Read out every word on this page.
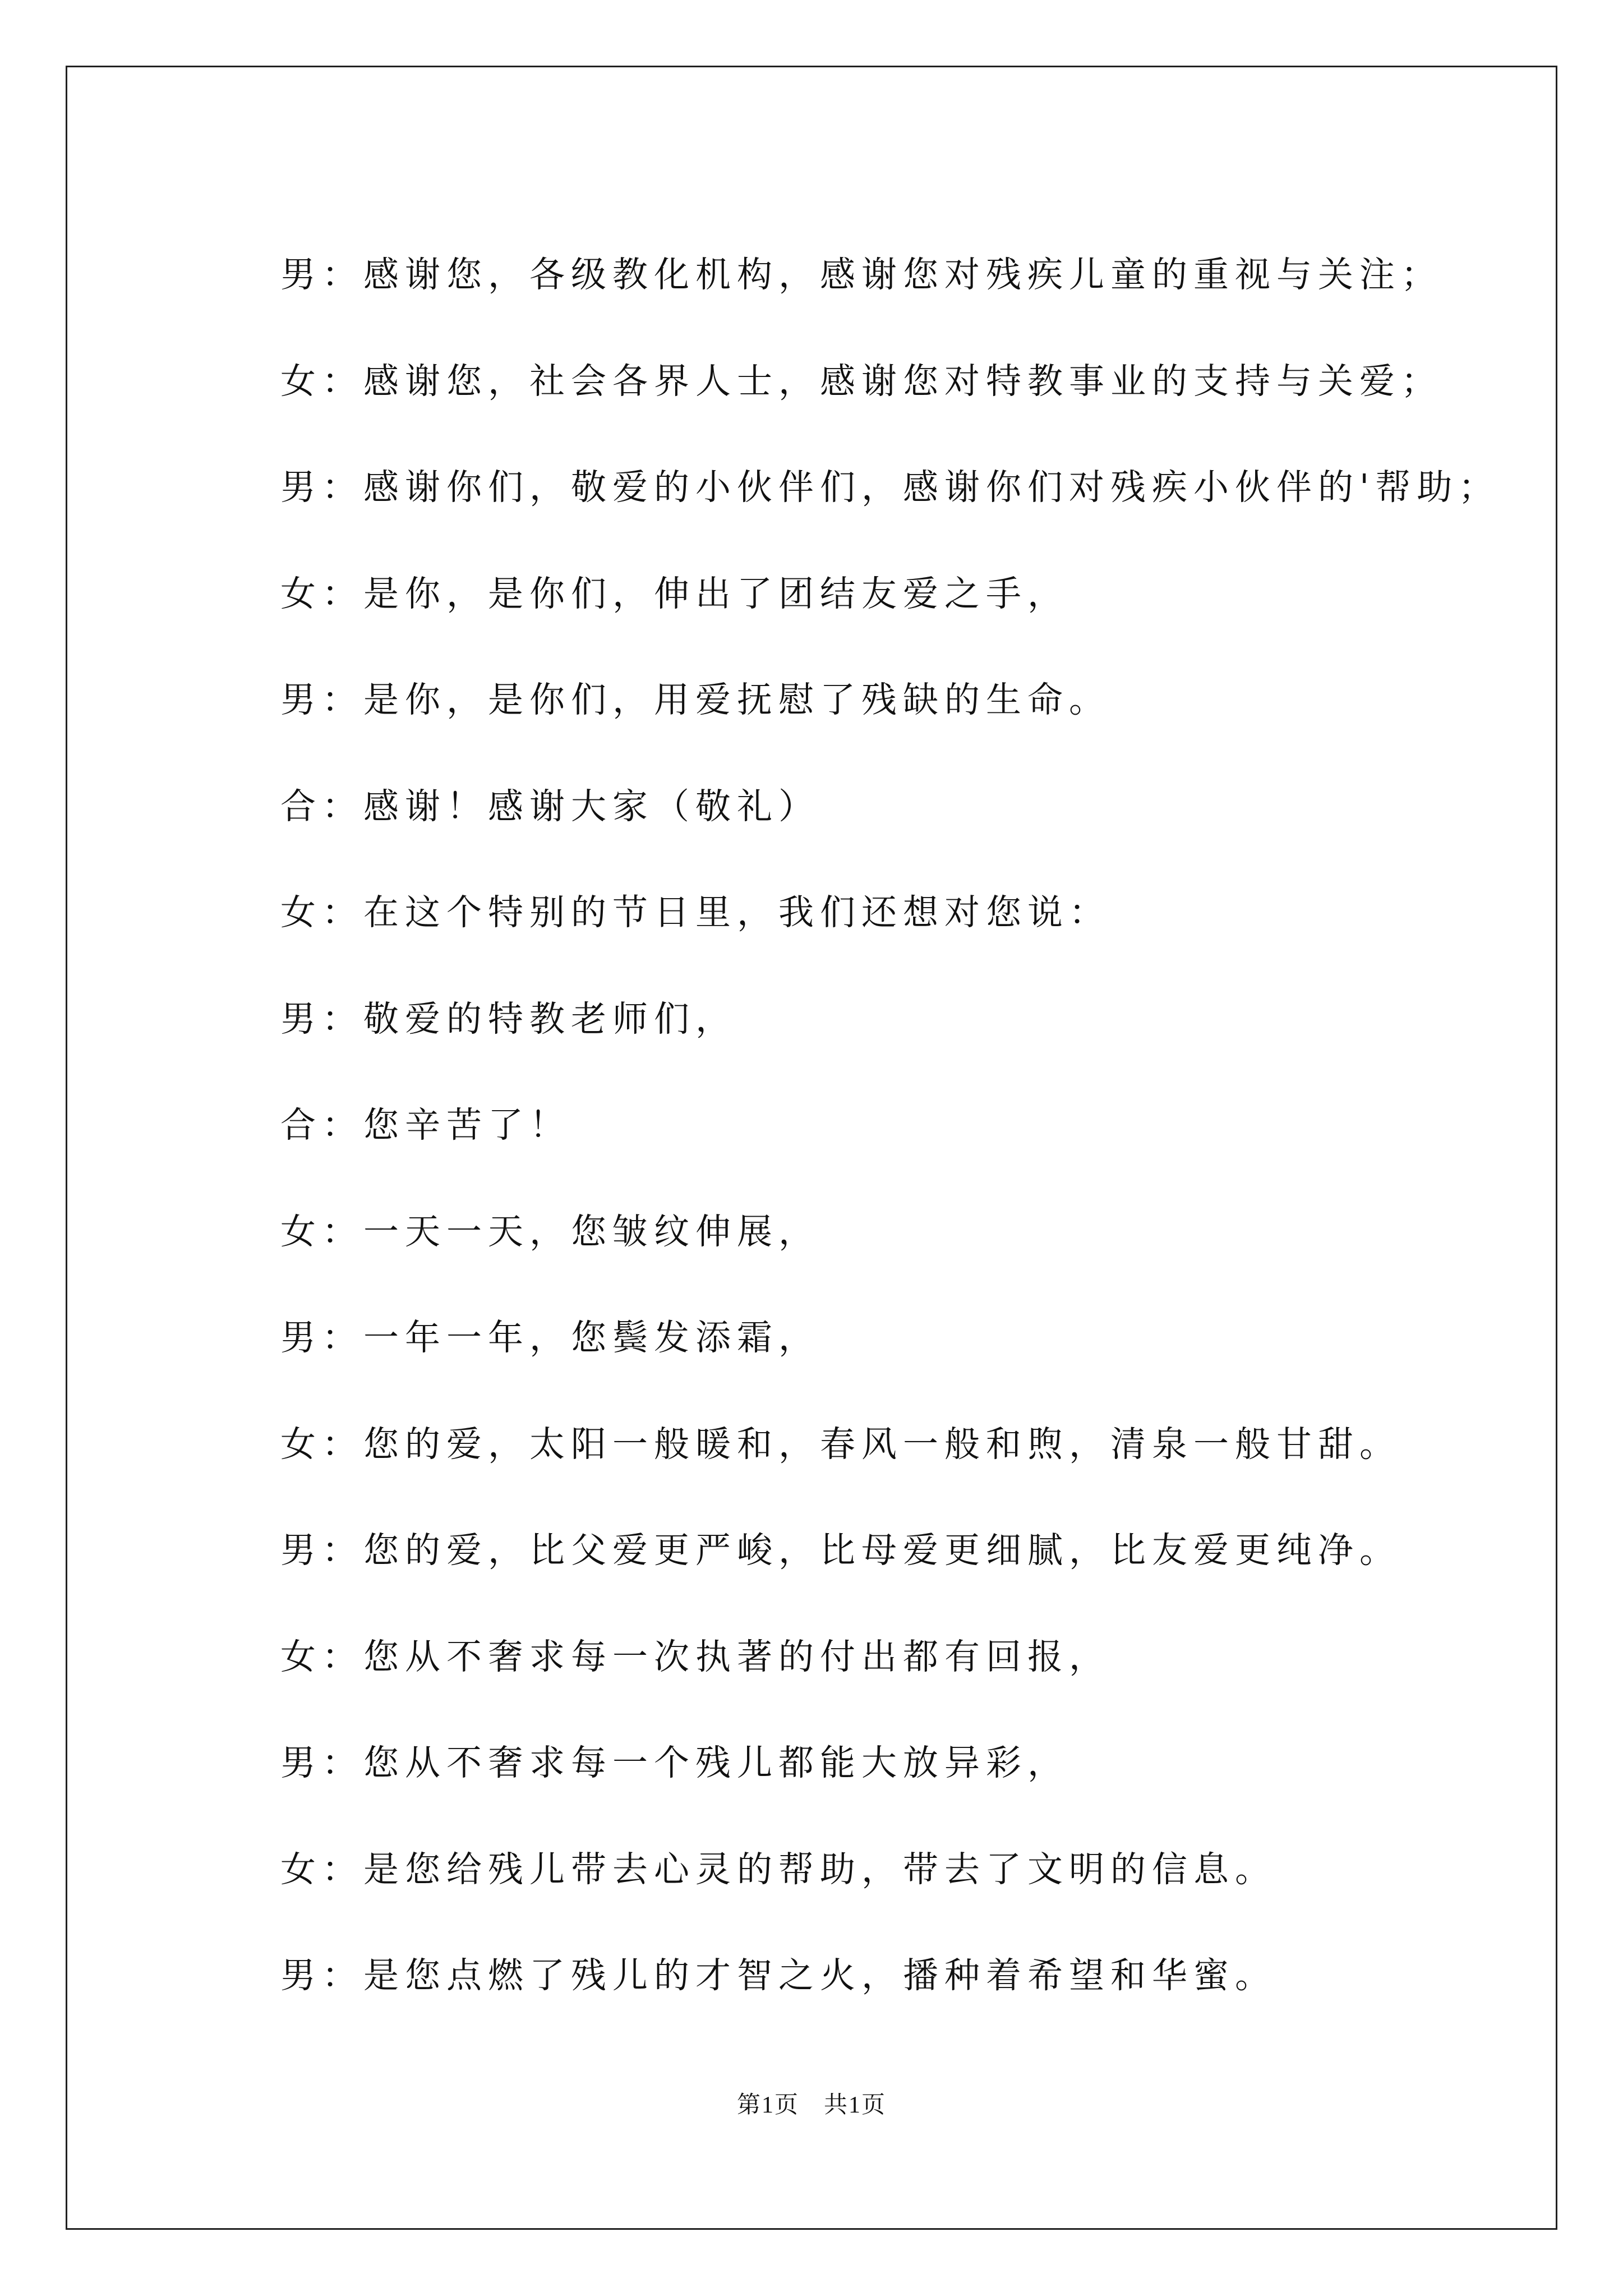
男：感谢您，各级教化机构，感谢您对残疾儿童的重视与关注；
女：感谢您，社会各界人士，感谢您对特教事业的支持与关爱；
男：感谢你们，敬爱的小伙伴们，感谢你们对残疾小伙伴的'帮助；
女：是你，是你们，伸出了团结友爱之手，
男：是你，是你们，用爱抚慰了残缺的生命。
合：感谢！感谢大家（敬礼）
女：在这个特别的节日里，我们还想对您说：
男：敬爱的特教老师们，
合：您辛苦了！
女：一天一天，您皱纹伸展，
男：一年一年，您鬓发添霜，
女：您的爱，太阳一般暖和，春风一般和煦，清泉一般甘甜。
男：您的爱，比父爱更严峻，比母爱更细腻，比友爱更纯净。
女：您从不奢求每一次执著的付出都有回报，
男：您从不奢求每一个残儿都能大放异彩，
女：是您给残儿带去心灵的帮助，带去了文明的信息。
男：是您点燃了残儿的才智之火，播种着希望和华蜜。
第1页 共1页
